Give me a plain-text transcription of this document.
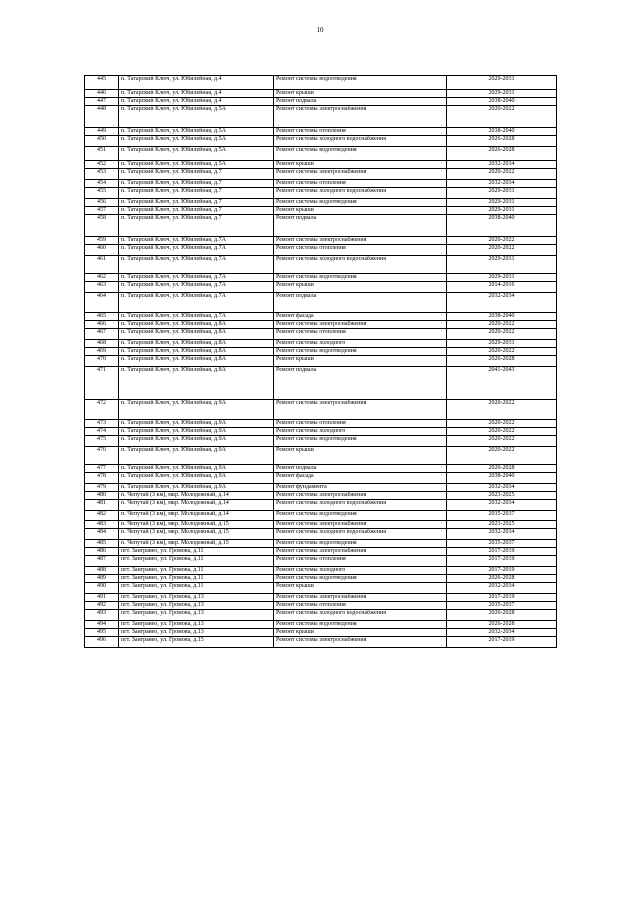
10
445	п. Татарский Ключ, ул. Юбилейная, д.4	Ремонт системы водоотведения	2029-2031
446	п. Татарский Ключ, ул. Юбилейная, д.4	Ремонт крыши	2029-2031
447	п. Татарский Ключ, ул. Юбилейная, д.4	Ремонт подвала	2038-2040
448	п. Татарский Ключ, ул. Юбилейная, д.5А	Ремонт системы электроснабжения	2020-2022
449	п. Татарский Ключ, ул. Юбилейная, д.5А	Ремонт системы отопления	2038-2040
450	п. Татарский Ключ, ул. Юбилейная, д.5А	Ремонт системы холодного водоснабжения	2026-2028
451	п. Татарский Ключ, ул. Юбилейная, д.5А	Ремонт системы водоотведения	2026-2028
452	п. Татарский Ключ, ул. Юбилейная, д.5А	Ремонт крыши	2032-2034
453	п. Татарский Ключ, ул. Юбилейная, д.7	Ремонт системы электроснабжения	2020-2022
454	п. Татарский Ключ, ул. Юбилейная, д.7	Ремонт системы отопления	2032-2034
455	п. Татарский Ключ, ул. Юбилейная, д.7	Ремонт системы холодного водоснабжения	2029-2031
456	п. Татарский Ключ, ул. Юбилейная, д.7	Ремонт системы водоотведения	2029-2031
457	п. Татарский Ключ, ул. Юбилейная, д.7	Ремонт крыши	2029-2031
458	п. Татарский Ключ, ул. Юбилейная, д.7	Ремонт подвала	2038-2040
459	п. Татарский Ключ, ул. Юбилейная, д.7А	Ремонт системы электроснабжения	2020-2022
460	п. Татарский Ключ, ул. Юбилейная, д.7А	Ремонт системы отопления	2020-2022
461	п. Татарский Ключ, ул. Юбилейная, д.7А	Ремонт системы холодного водоснабжения	2029-2031
462	п. Татарский Ключ, ул. Юбилейная, д.7А	Ремонт системы водоотведения	2029-2031
463	п. Татарский Ключ, ул. Юбилейная, д.7А	Ремонт крыши	2014-2016
464	п. Татарский Ключ, ул. Юбилейная, д.7А	Ремонт подвала	2032-2034
465	п. Татарский Ключ, ул. Юбилейная, д.7А	Ремонт фасада	2038-2040
466	п. Татарский Ключ, ул. Юбилейная, д.8А	Ремонт системы электроснабжения	2020-2022
467	п. Татарский Ключ, ул. Юбилейная, д.8А	Ремонт системы отопления	2020-2022
468	п. Татарский Ключ, ул. Юбилейная, д.8А	Ремонт системы холодного	2029-2031
469	п. Татарский Ключ, ул. Юбилейная, д.8А	Ремонт системы водоотведения	2020-2022
470	п. Татарский Ключ, ул. Юбилейная, д.8А	Ремонт крыши	2026-2028
471	п. Татарский Ключ, ул. Юбилейная, д.8А	Ремонт подвала	2041-2043
472	п. Татарский Ключ, ул. Юбилейная, д.9А	Ремонт системы электроснабжения	2020-2022
473	п. Татарский Ключ, ул. Юбилейная, д.9А	Ремонт системы отопления	2020-2022
474	п. Татарский Ключ, ул. Юбилейная, д.9А	Ремонт системы холодного	2020-2022
475	п. Татарский Ключ, ул. Юбилейная, д.9А	Ремонт системы водоотведения	2020-2022
476	п. Татарский Ключ, ул. Юбилейная, д.9А	Ремонт крыши	2020-2022
477	п. Татарский Ключ, ул. Юбилейная, д.9А	Ремонт подвала	2026-2028
478	п. Татарский Ключ, ул. Юбилейная, д.9А	Ремонт фасада	2038-2040
479	п. Татарский Ключ, ул. Юбилейная, д.9А	Ремонт фундамента	2032-2034
480	п. Чепутай (3 км), мкр. Молодежный, д.14	Ремонт системы электроснабжения	2023-2025
481	п. Чепутай (3 км), мкр. Молодежный, д.14	Ремонт системы холодного водоснабжения	2032-2034
482	п. Чепутай (3 км), мкр. Молодежный, д.14	Ремонт системы водоотведения	2035-2037
483	п. Чепутай (3 км), мкр. Молодежный, д.15	Ремонт системы электроснабжения	2023-2025
484	п. Чепутай (3 км), мкр. Молодежный, д.15	Ремонт системы холодного водоснабжения	2032-2034
485	п. Чепутай (3 км), мкр. Молодежный, д.15	Ремонт системы водоотведения	2035-2037
486	пгт. Зангравео, ул. Громова, д.11	Ремонт системы электроснабжения	2017-2019
487	пгт. Зангравео, ул. Громова, д.11	Ремонт системы отопления	2017-2019
488	пгт. Зангравео, ул. Громова, д.11	Ремонт системы холодного	2017-2019
489	пгт. Зангравео, ул. Громова, д.11	Ремонт системы водоотведения	2026-2028
490	пгт. Зангравео, ул. Громова, д.11	Ремонт крыши	2032-2034
491	пгт. Зангравео, ул. Громова, д.13	Ремонт системы электроснабжения	2017-2019
492	пгт. Зангравео, ул. Громова, д.13	Ремонт системы отопления	2035-2037
493	пгт. Зангравео, ул. Громова, д.13	Ремонт системы холодного водоснабжения	2026-2028
494	пгт. Зангравео, ул. Громова, д.13	Ремонт системы водоотведения	2026-2028
495	пгт. Зангравео, ул. Громова, д.13	Ремонт крыши	2032-2034
496	пгт. Зангравео, ул. Громова, д.15	Ремонт системы электроснабжения	2017-2019
